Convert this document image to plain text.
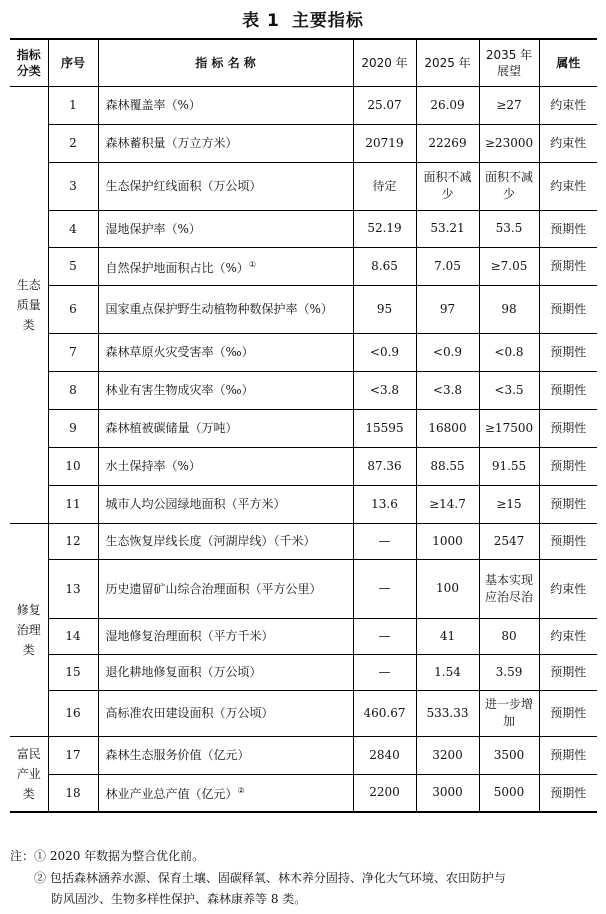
表 1 主要指标
指标分类	序号	指 标 名 称	2020 年	2025 年	2035 年展望	属性
生态质量类	1	森林覆盖率（%）	25.07	26.09	≥27	约束性
	2	森林蓄积量（万立方米）	20719	22269	≥23000	约束性
	3	生态保护红线面积（万公顷）	待定	面积不减少	面积不减少	约束性
	4	湿地保护率（%）	52.19	53.21	53.5	预期性
	5	自然保护地面积占比（%）①	8.65	7.05	≥7.05	预期性
	6	国家重点保护野生动植物种数保护率（%）	95	97	98	预期性
	7	森林草原火灾受害率（‰）	<0.9	<0.9	<0.8	预期性
	8	林业有害生物成灾率（‰）	<3.8	<3.8	<3.5	预期性
	9	森林植被碳储量（万吨）	15595	16800	≥17500	预期性
	10	水土保持率（%）	87.36	88.55	91.55	预期性
	11	城市人均公园绿地面积（平方米）	13.6	≥14.7	≥15	预期性
修复治理类	12	生态恢复岸线长度（河湖岸线）（千米）	—	1000	2547	预期性
	13	历史遗留矿山综合治理面积（平方公里）	—	100	基本实现应治尽治	约束性
	14	湿地修复治理面积（平方千米）	—	41	80	约束性
	15	退化耕地修复面积（万公顷）	—	1.54	3.59	预期性
	16	高标准农田建设面积（万公顷）	460.67	533.33	进一步增加	预期性
富民产业类	17	森林生态服务价值（亿元）	2840	3200	3500	预期性
	18	林业产业总产值（亿元）②	2200	3000	5000	预期性
注：① 2020 年数据为整合优化前。
② 包括森林涵养水源、保育土壤、固碳释氧、林木养分固持、净化大气环境、农田防护与
防风固沙、生物多样性保护、森林康养等 8 类。
